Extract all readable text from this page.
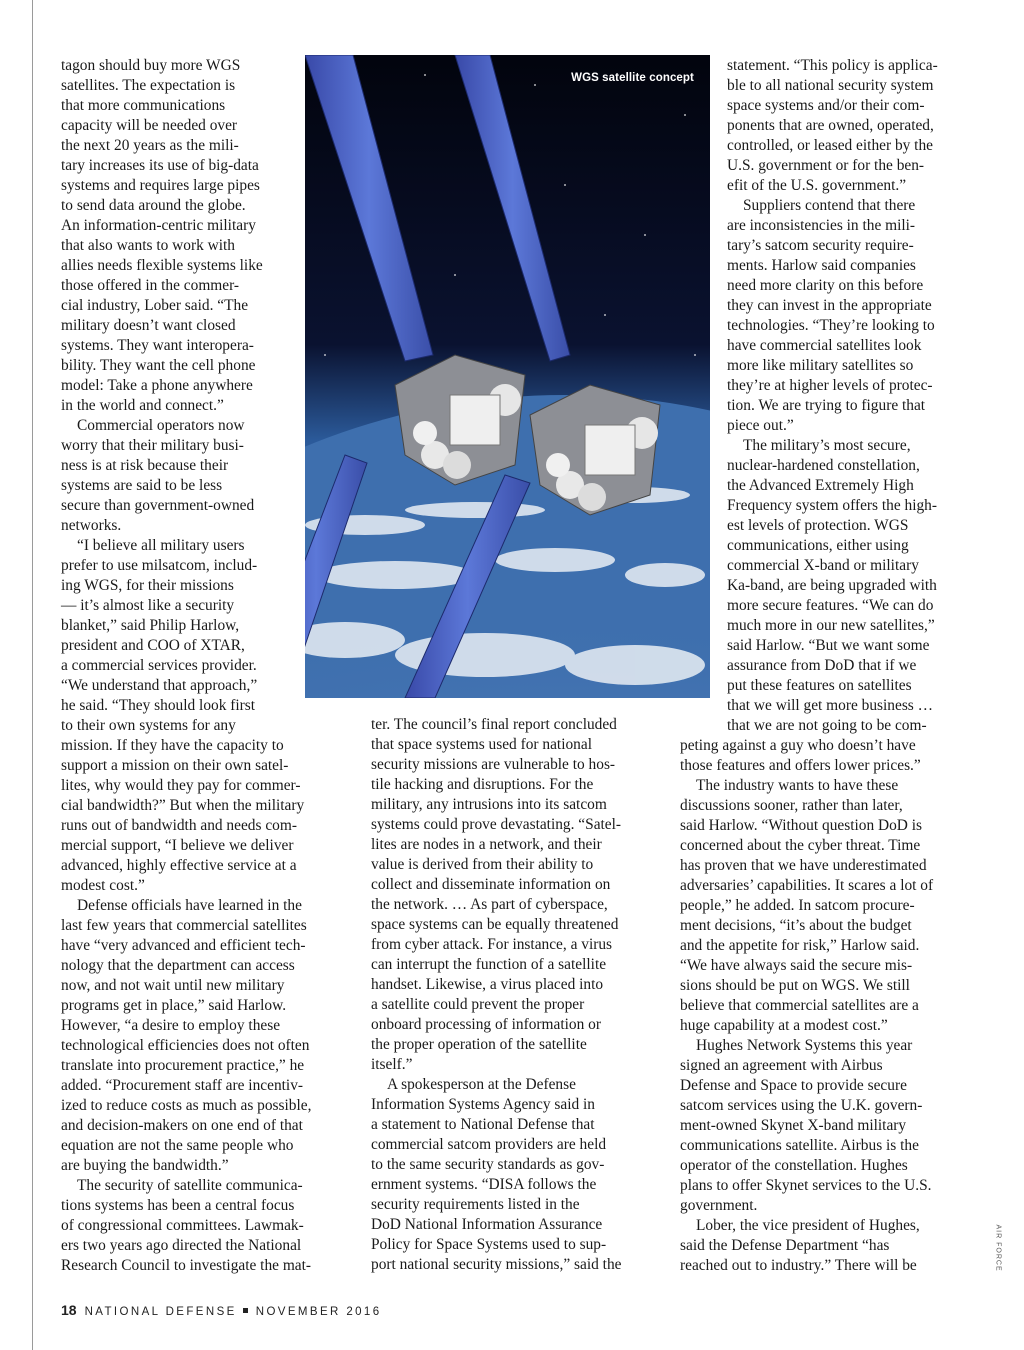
tagon should buy more WGS
satellites. The expectation is
that more communications
capacity will be needed over
the next 20 years as the mili-
tary increases its use of big-data
systems and requires large pipes
to send data around the globe.
An information-centric military
that also wants to work with
allies needs flexible systems like
those offered in the commer-
cial industry, Lober said. “The
military doesn’t want closed
systems. They want interopera-
bility. They want the cell phone
model: Take a phone anywhere
in the world and connect.”
Commercial operators now
worry that their military busi-
ness is at risk because their
systems are said to be less
secure than government-owned
networks.
“I believe all military users
prefer to use milsatcom, includ-
ing WGS, for their missions
— it’s almost like a security
blanket,” said Philip Harlow,
president and COO of XTAR,
a commercial services provider.
“We understand that approach,”
he said. “They should look first
to their own systems for any
mission. If they have the capacity to
support a mission on their own satel-
lites, why would they pay for commer-
cial bandwidth?” But when the military
runs out of bandwidth and needs com-
mercial support, “I believe we deliver
advanced, highly effective service at a
modest cost.”
Defense officials have learned in the
last few years that commercial satellites
have “very advanced and efficient tech-
nology that the department can access
now, and not wait until new military
programs get in place,” said Harlow.
However, “a desire to employ these
technological efficiencies does not often
translate into procurement practice,” he
added. “Procurement staff are incentiv-
ized to reduce costs as much as possible,
and decision-makers on one end of that
equation are not the same people who
are buying the bandwidth.”
The security of satellite communica-
tions systems has been a central focus
of congressional committees. Lawmak-
ers two years ago directed the National
Research Council to investigate the mat-
ter. The council’s final report concluded
that space systems used for national
security missions are vulnerable to hos-
tile hacking and disruptions. For the
military, any intrusions into its satcom
systems could prove devastating. “Satel-
lites are nodes in a network, and their
value is derived from their ability to
collect and disseminate information on
the network. … As part of cyberspace,
space systems can be equally threatened
from cyber attack. For instance, a virus
can interrupt the function of a satellite
handset. Likewise, a virus placed into
a satellite could prevent the proper
onboard processing of information or
the proper operation of the satellite
itself.”
A spokesperson at the Defense
Information Systems Agency said in
a statement to National Defense that
commercial satcom providers are held
to the same security standards as gov-
ernment systems. “DISA follows the
security requirements listed in the
DoD National Information Assurance
Policy for Space Systems used to sup-
port national security missions,” said the
statement. “This policy is applica-
ble to all national security system
space systems and/or their com-
ponents that are owned, operated,
controlled, or leased either by the
U.S. government or for the ben-
efit of the U.S. government.”
Suppliers contend that there
are inconsistencies in the mili-
tary’s satcom security require-
ments. Harlow said companies
need more clarity on this before
they can invest in the appropriate
technologies. “They’re looking to
have commercial satellites look
more like military satellites so
they’re at higher levels of protec-
tion. We are trying to figure that
piece out.”
The military’s most secure,
nuclear-hardened constellation,
the Advanced Extremely High
Frequency system offers the high-
est levels of protection. WGS
communications, either using
commercial X-band or military
Ka-band, are being upgraded with
more secure features. “We can do
much more in our new satellites,”
said Harlow. “But we want some
assurance from DoD that if we
put these features on satellites
that we will get more business …
that we are not going to be com-
peting against a guy who doesn’t have
those features and offers lower prices.”
The industry wants to have these
discussions sooner, rather than later,
said Harlow. “Without question DoD is
concerned about the cyber threat. Time
has proven that we have underestimated
adversaries’ capabilities. It scares a lot of
people,” he added. In satcom procure-
ment decisions, “it’s about the budget
and the appetite for risk,” Harlow said.
“We have always said the secure mis-
sions should be put on WGS. We still
believe that commercial satellites are a
huge capability at a modest cost.”
Hughes Network Systems this year
signed an agreement with Airbus
Defense and Space to provide secure
satcom services using the U.K. govern-
ment-owned Skynet X-band military
communications satellite. Airbus is the
operator of the constellation. Hughes
plans to offer Skynet services to the U.S.
government.
Lober, the vice president of Hughes,
said the Defense Department “has
reached out to industry.” There will be
WGS satellite concept
AIR FORCE
18 NATIONAL DEFENSE NOVEMBER 2016
